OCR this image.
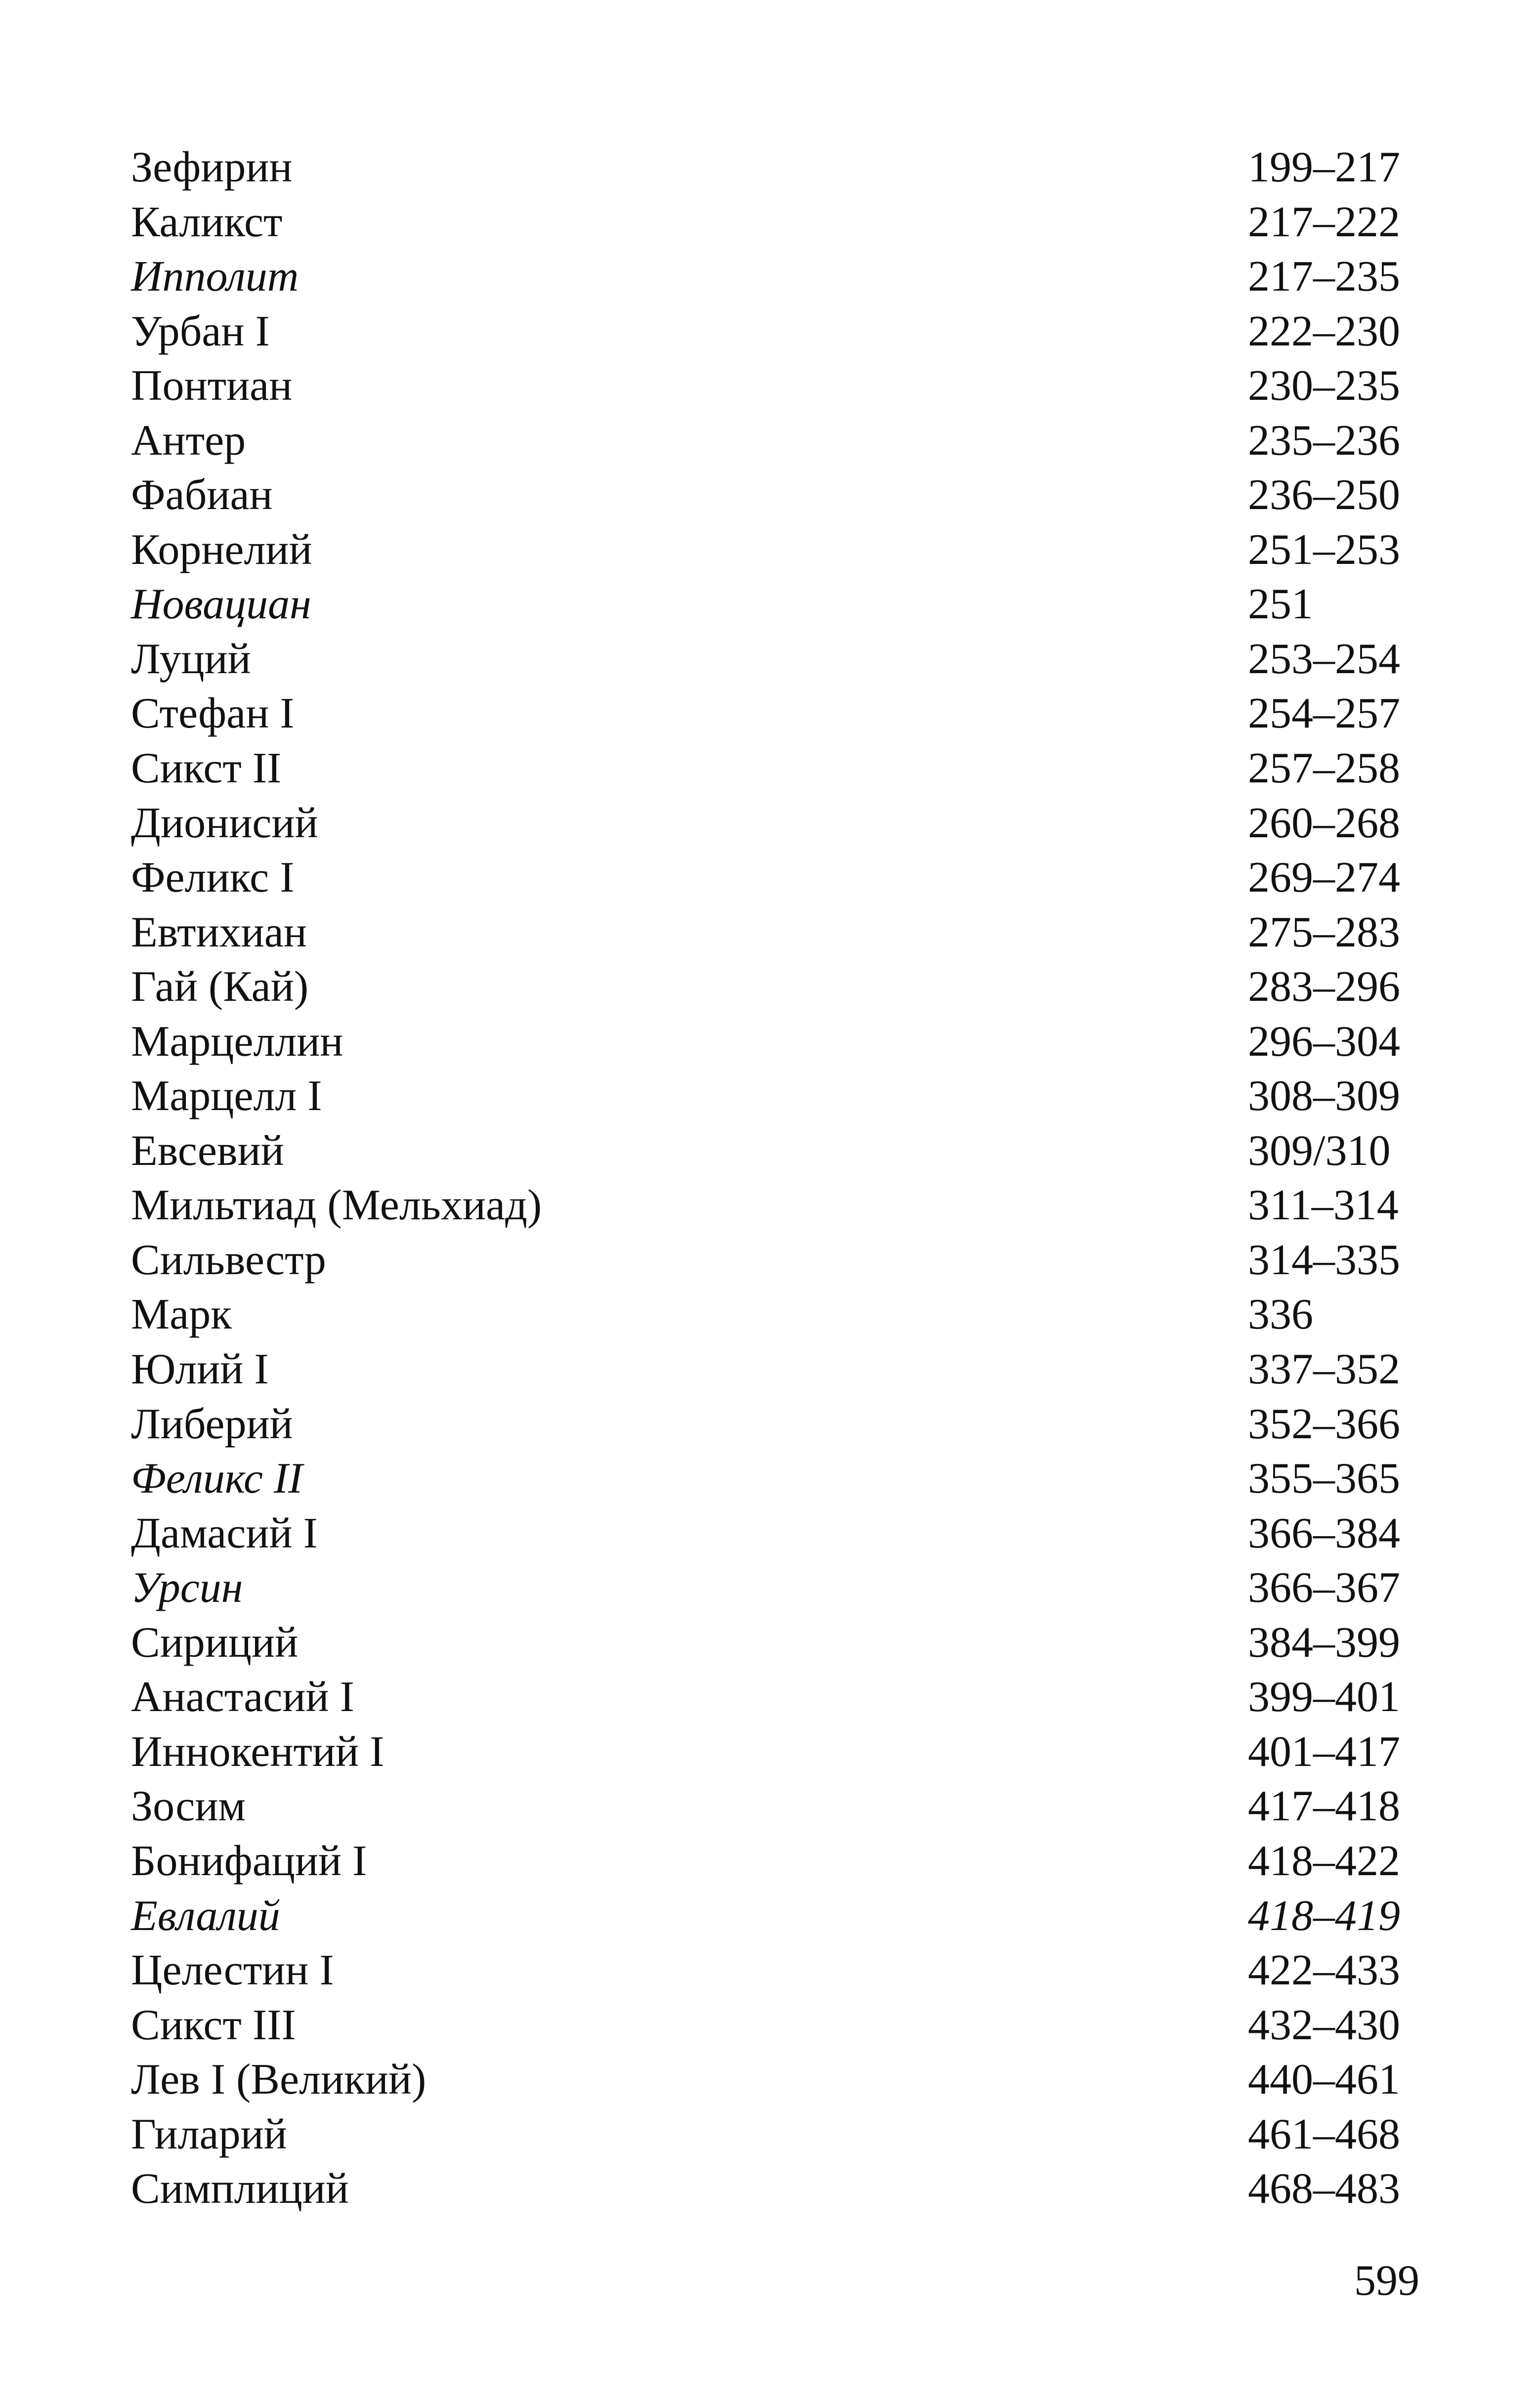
Зефирин	199–217
Каликст	217–222
Ипполит	217–235
Урбан I	222–230
Понтиан	230–235
Антер	235–236
Фабиан	236–250
Корнелий	251–253
Новациан	251
Луций	253–254
Стефан I	254–257
Сикст II	257–258
Дионисий	260–268
Феликс I	269–274
Евтихиан	275–283
Гай (Кай)	283–296
Марцеллин	296–304
Марцелл I	308–309
Евсевий	309/310
Мильтиад (Мельхиад)	311–314
Сильвестр	314–335
Марк	336
Юлий I	337–352
Либерий	352–366
Феликс II	355–365
Дамасий I	366–384
Урсин	366–367
Сириций	384–399
Анастасий I	399–401
Иннокентий I	401–417
Зосим	417–418
Бонифаций I	418–422
Евлалий	418–419
Целестин I	422–433
Сикст III	432–430
Лев I (Великий)	440–461
Гиларий	461–468
Симплиций	468–483
599
